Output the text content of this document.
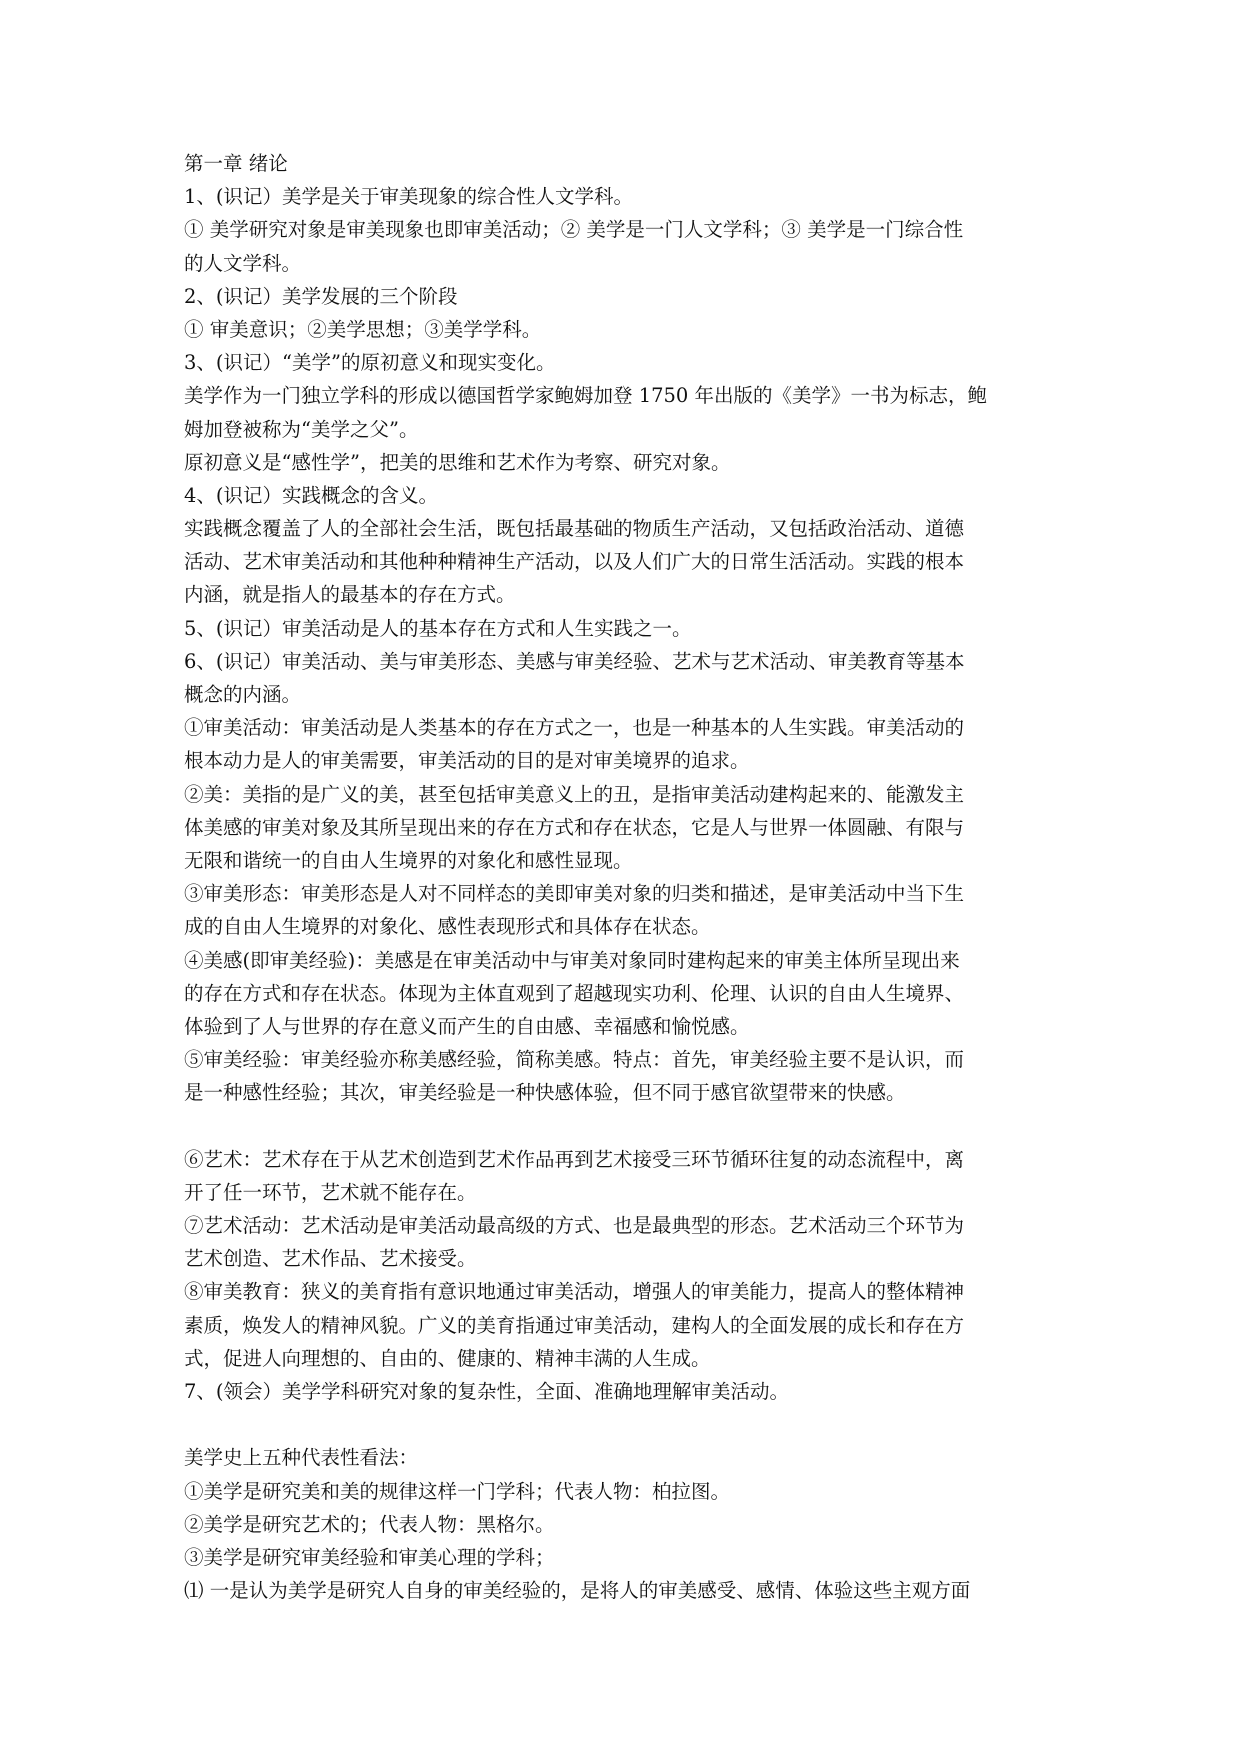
第一章 绪论
1、(识记）美学是关于审美现象的综合性人文学科。
① 美学研究对象是审美现象也即审美活动；② 美学是一门人文学科；③ 美学是一门综合性
的人文学科。
2、(识记）美学发展的三个阶段
① 审美意识；②美学思想；③美学学科。
3、(识记）“美学”的原初意义和现实变化。
美学作为一门独立学科的形成以德国哲学家鲍姆加登 1750 年出版的《美学》一书为标志，鲍
姆加登被称为“美学之父”。
原初意义是“感性学”，把美的思维和艺术作为考察、研究对象。
4、(识记）实践概念的含义。
实践概念覆盖了人的全部社会生活，既包括最基础的物质生产活动，又包括政治活动、道德
活动、艺术审美活动和其他种种精神生产活动，以及人们广大的日常生活活动。实践的根本
内涵，就是指人的最基本的存在方式。
5、(识记）审美活动是人的基本存在方式和人生实践之一。
6、(识记）审美活动、美与审美形态、美感与审美经验、艺术与艺术活动、审美教育等基本
概念的内涵。
①审美活动：审美活动是人类基本的存在方式之一，也是一种基本的人生实践。审美活动的
根本动力是人的审美需要，审美活动的目的是对审美境界的追求。
②美：美指的是广义的美，甚至包括审美意义上的丑，是指审美活动建构起来的、能激发主
体美感的审美对象及其所呈现出来的存在方式和存在状态，它是人与世界一体圆融、有限与
无限和谐统一的自由人生境界的对象化和感性显现。
③审美形态：审美形态是人对不同样态的美即审美对象的归类和描述，是审美活动中当下生
成的自由人生境界的对象化、感性表现形式和具体存在状态。
④美感(即审美经验)：美感是在审美活动中与审美对象同时建构起来的审美主体所呈现出来
的存在方式和存在状态。体现为主体直观到了超越现实功利、伦理、认识的自由人生境界、
体验到了人与世界的存在意义而产生的自由感、幸福感和愉悦感。
⑤审美经验：审美经验亦称美感经验，简称美感。特点：首先，审美经验主要不是认识，而
是一种感性经验；其次，审美经验是一种快感体验，但不同于感官欲望带来的快感。
⑥艺术：艺术存在于从艺术创造到艺术作品再到艺术接受三环节循环往复的动态流程中，离
开了任一环节，艺术就不能存在。
⑦艺术活动：艺术活动是审美活动最高级的方式、也是最典型的形态。艺术活动三个环节为
艺术创造、艺术作品、艺术接受。
⑧审美教育：狭义的美育指有意识地通过审美活动，增强人的审美能力，提高人的整体精神
素质，焕发人的精神风貌。广义的美育指通过审美活动，建构人的全面发展的成长和存在方
式，促进人向理想的、自由的、健康的、精神丰满的人生成。
7、(领会）美学学科研究对象的复杂性，全面、准确地理解审美活动。
美学史上五种代表性看法：
①美学是研究美和美的规律这样一门学科；代表人物：柏拉图。
②美学是研究艺术的；代表人物：黑格尔。
③美学是研究审美经验和审美心理的学科；
⑴ 一是认为美学是研究人自身的审美经验的，是将人的审美感受、感情、体验这些主观方面
